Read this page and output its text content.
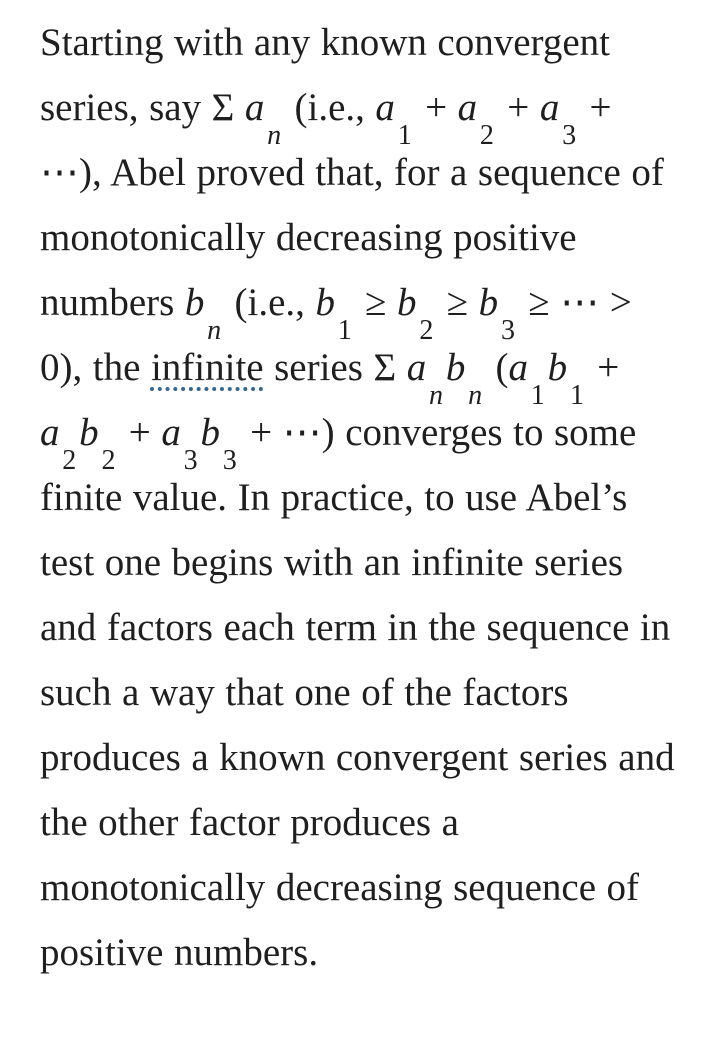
Starting with any known convergent series, say Σ $a_n$ (i.e., $a_1 + a_2 + a_3$ + ⋯), Abel proved that, for a sequence of monotonically decreasing positive numbers $b_n$ (i.e., $b_1 \ge b_2 \ge b_3$ ≥ ⋯ > 0), the infinite series Σ $a_nb_n$ ($a_1b_1 + a_2b_2 + a_3b_3$ + ⋯) converges to some finite value. In practice, to use Abel’s test one begins with an infinite series and factors each term in the sequence in such a way that one of the factors produces a known convergent series and the other factor produces a monotonically decreasing sequence of positive numbers.
